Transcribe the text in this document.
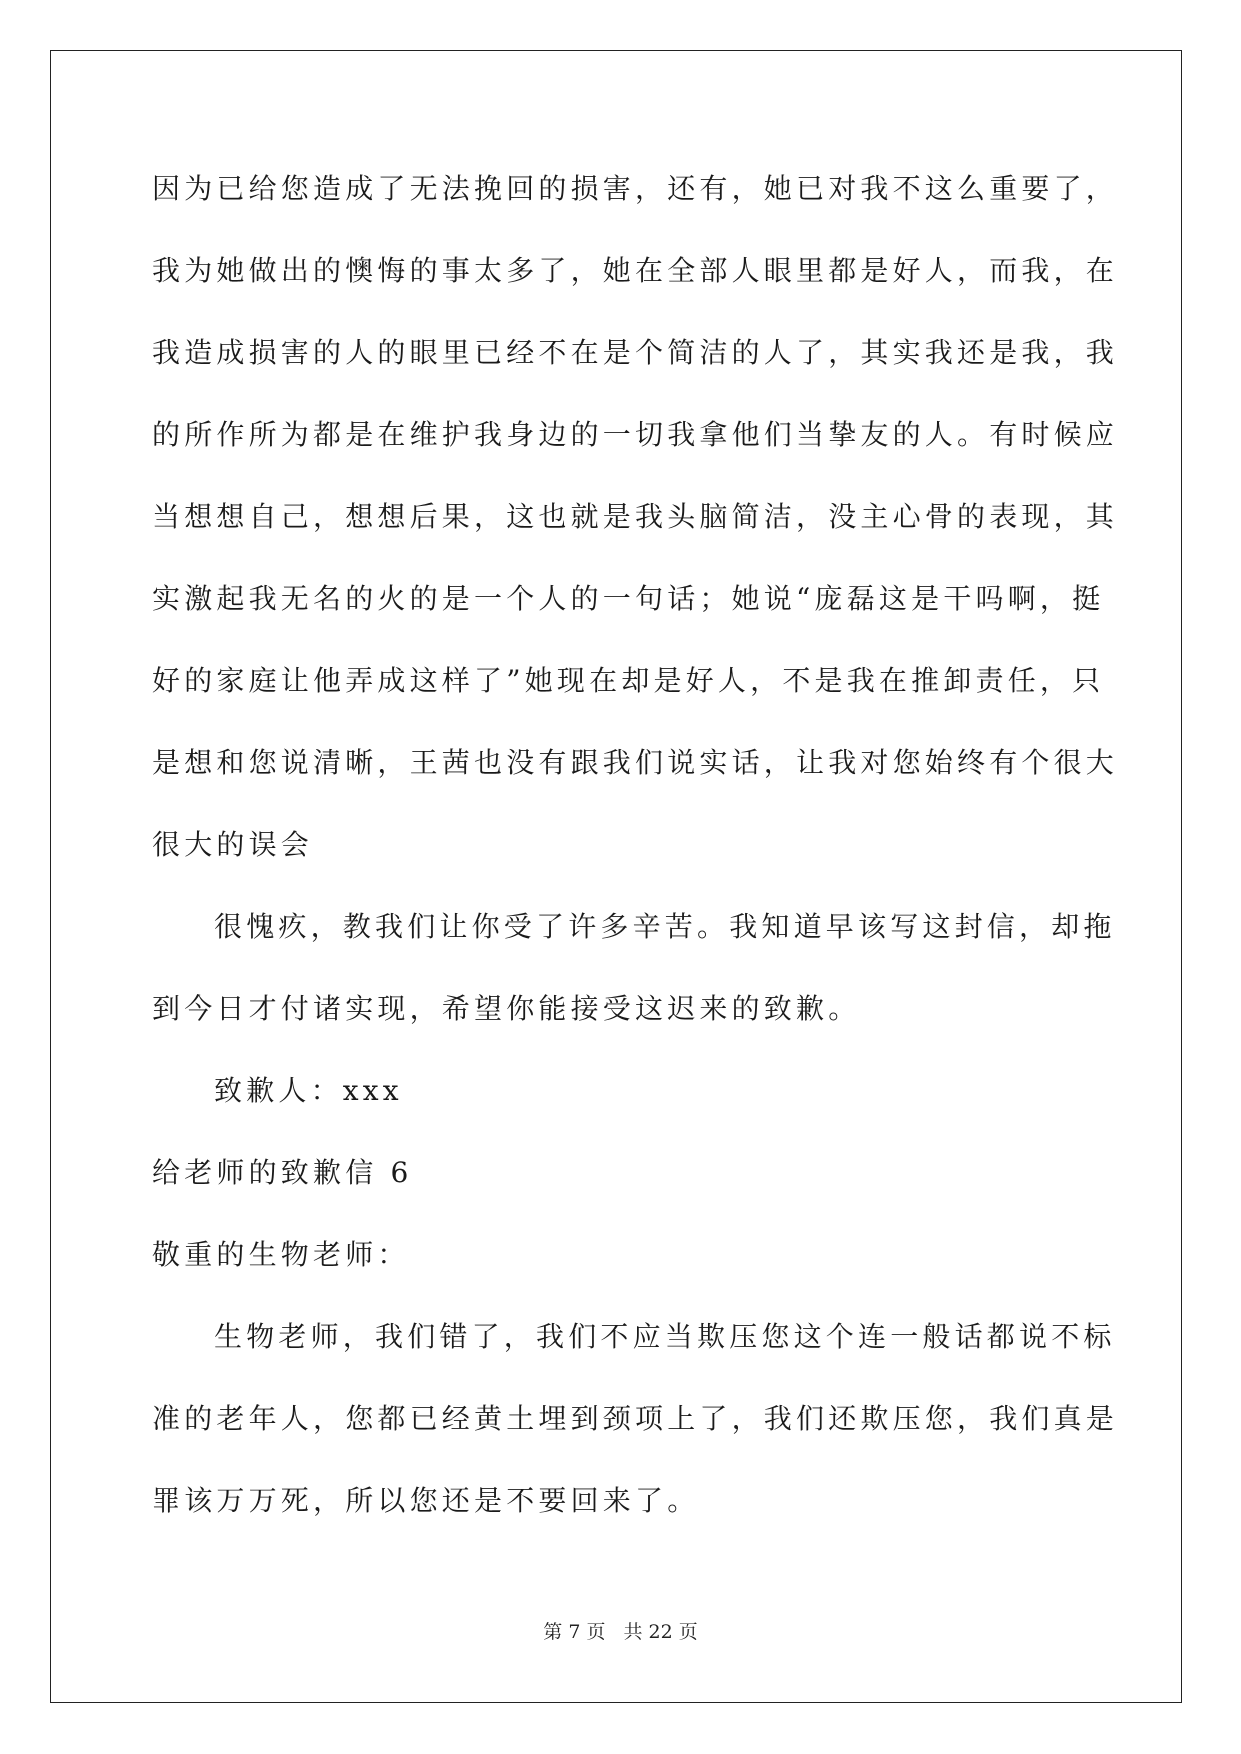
因为已给您造成了无法挽回的损害，还有，她已对我不这么重要了，
我为她做出的懊悔的事太多了，她在全部人眼里都是好人，而我，在
我造成损害的人的眼里已经不在是个简洁的人了，其实我还是我，我
的所作所为都是在维护我身边的一切我拿他们当挚友的人。有时候应
当想想自己，想想后果，这也就是我头脑简洁，没主心骨的表现，其
实激起我无名的火的是一个人的一句话；她说“庞磊这是干吗啊，挺
好的家庭让他弄成这样了”她现在却是好人，不是我在推卸责任，只
是想和您说清晰，王茜也没有跟我们说实话，让我对您始终有个很大
很大的误会
很愧疚，教我们让你受了许多辛苦。我知道早该写这封信，却拖
到今日才付诸实现，希望你能接受这迟来的致歉。
致歉人：xxx
给老师的致歉信 6
敬重的生物老师：
生物老师，我们错了，我们不应当欺压您这个连一般话都说不标
准的老年人，您都已经黄土埋到颈项上了，我们还欺压您，我们真是
罪该万万死，所以您还是不要回来了。
第 7 页 共 22 页
